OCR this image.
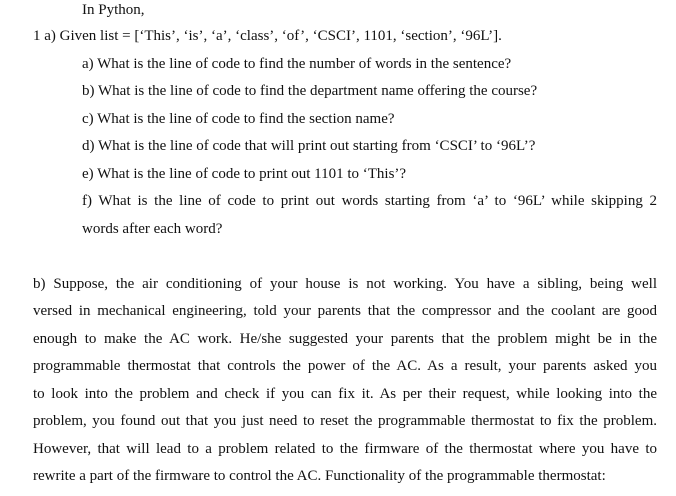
In Python,
1 a) Given list = [‘This’, ‘is’, ‘a’, ‘class’, ‘of’, ‘CSCI’, 1101, ‘section’, ‘96L’].
a) What is the line of code to find the number of words in the sentence?
b) What is the line of code to find the department name offering the course?
c) What is the line of code to find the section name?
d) What is the line of code that will print out starting from ‘CSCI’ to ‘96L’?
e) What is the line of code to print out 1101 to ‘This’?
f) What is the line of code to print out words starting from ‘a’ to ‘96L’ while skipping 2
words after each word?
b) Suppose, the air conditioning of your house is not working. You have a sibling, being well
versed in mechanical engineering, told your parents that the compressor and the coolant are good
enough to make the AC work. He/she suggested your parents that the problem might be in the
programmable thermostat that controls the power of the AC. As a result, your parents asked you
to look into the problem and check if you can fix it. As per their request, while looking into the
problem, you found out that you just need to reset the programmable thermostat to fix the problem.
However, that will lead to a problem related to the firmware of the thermostat where you have to
rewrite a part of the firmware to control the AC. Functionality of the programmable thermostat:
